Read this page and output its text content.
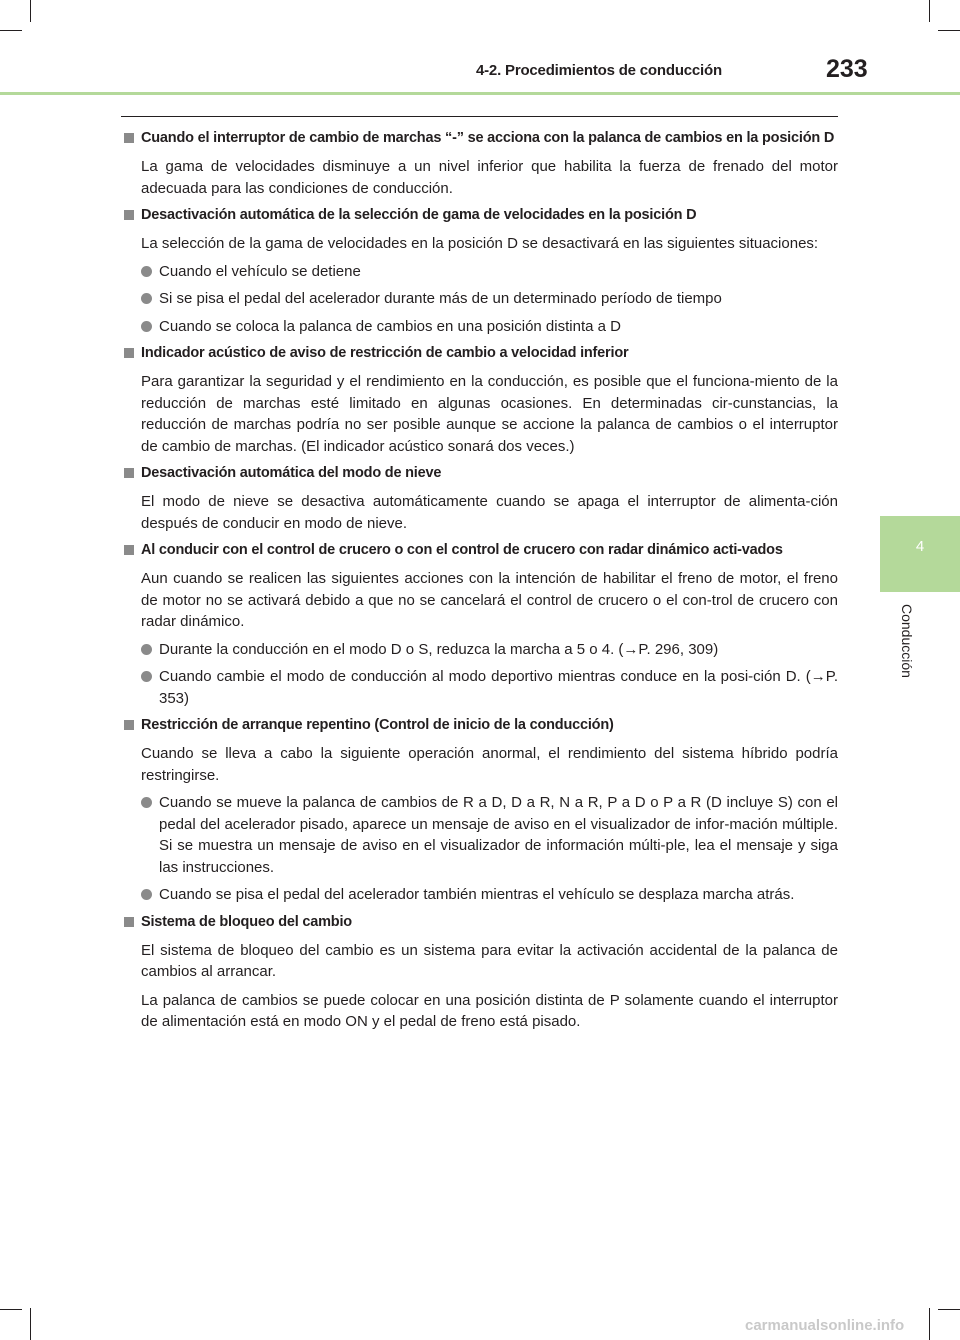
4-2. Procedimientos de conducción	233
4
Conducción
Cuando el interruptor de cambio de marchas “-” se acciona con la palanca de cambios en la posición D
La gama de velocidades disminuye a un nivel inferior que habilita la fuerza de frenado del motor adecuada para las condiciones de conducción.
Desactivación automática de la selección de gama de velocidades en la posición D
La selección de la gama de velocidades en la posición D se desactivará en las siguientes situaciones:
Cuando el vehículo se detiene
Si se pisa el pedal del acelerador durante más de un determinado período de tiempo
Cuando se coloca la palanca de cambios en una posición distinta a D
Indicador acústico de aviso de restricción de cambio a velocidad inferior
Para garantizar la seguridad y el rendimiento en la conducción, es posible que el funciona-miento de la reducción de marchas esté limitado en algunas ocasiones. En determinadas cir-cunstancias, la reducción de marchas podría no ser posible aunque se accione la palanca de cambios o el interruptor de cambio de marchas. (El indicador acústico sonará dos veces.)
Desactivación automática del modo de nieve
El modo de nieve se desactiva automáticamente cuando se apaga el interruptor de alimenta-ción después de conducir en modo de nieve.
Al conducir con el control de crucero o con el control de crucero con radar dinámico acti-vados
Aun cuando se realicen las siguientes acciones con la intención de habilitar el freno de motor, el freno de motor no se activará debido a que no se cancelará el control de crucero o el con-trol de crucero con radar dinámico.
Durante la conducción en el modo D o S, reduzca la marcha a 5 o 4. (→P. 296, 309)
Cuando cambie el modo de conducción al modo deportivo mientras conduce en la posi-ción D. (→P. 353)
Restricción de arranque repentino (Control de inicio de la conducción)
Cuando se lleva a cabo la siguiente operación anormal, el rendimiento del sistema híbrido podría restringirse.
Cuando se mueve la palanca de cambios de R a D, D a R, N a R, P a D o P a R (D incluye S) con el pedal del acelerador pisado, aparece un mensaje de aviso en el visualizador de infor-mación múltiple. Si se muestra un mensaje de aviso en el visualizador de información múlti-ple, lea el mensaje y siga las instrucciones.
Cuando se pisa el pedal del acelerador también mientras el vehículo se desplaza marcha atrás.
Sistema de bloqueo del cambio
El sistema de bloqueo del cambio es un sistema para evitar la activación accidental de la palanca de cambios al arrancar.
La palanca de cambios se puede colocar en una posición distinta de P solamente cuando el interruptor de alimentación está en modo ON y el pedal de freno está pisado.
carmanualsonline.info
